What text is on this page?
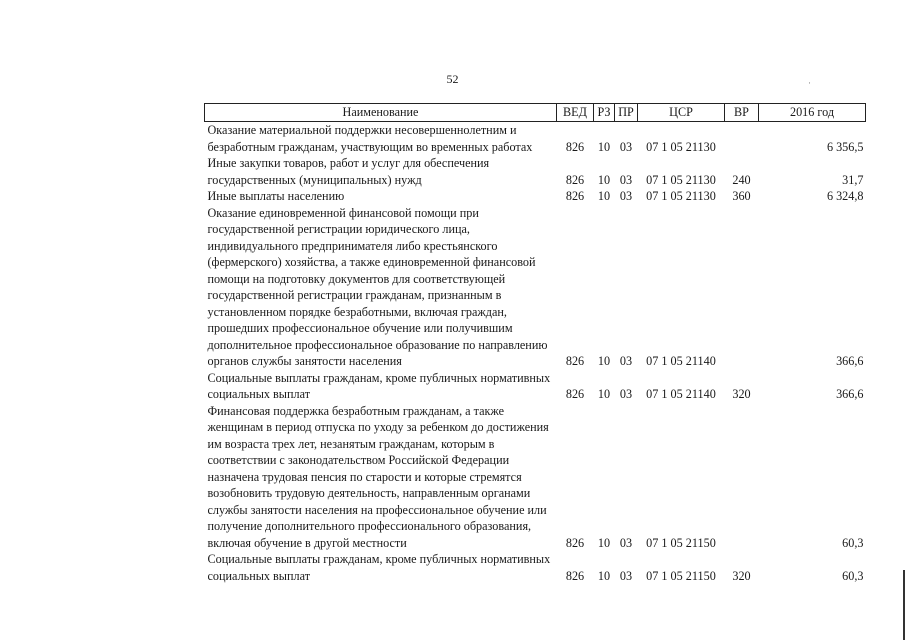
52	·
Наименование	ВЕД	РЗ	ПР	ЦСР	ВР	2016 год
Оказание материальной поддержки несовершеннолетним и безработным гражданам, участвующим во временных работах	826	10	03	07 1 05 21130		6 356,5
Иные закупки товаров, работ и услуг для обеспечения государственных (муниципальных) нужд	826	10	03	07 1 05 21130	240	31,7
Иные выплаты населению	826	10	03	07 1 05 21130	360	6 324,8
Оказание единовременной финансовой помощи при государственной регистрации юридического лица, индивидуального предпринимателя либо крестьянского (фермерского) хозяйства, а также единовременной финансовой помощи на подготовку документов для соответствующей государственной регистрации гражданам, признанным в установленном порядке безработными, включая граждан, прошедших профессиональное обучение или получившим дополнительное профессиональное образование по направлению органов службы занятости населения	826	10	03	07 1 05 21140		366,6
Социальные выплаты гражданам, кроме публичных нормативных социальных выплат	826	10	03	07 1 05 21140	320	366,6
Финансовая поддержка безработным гражданам, а также женщинам в период отпуска по уходу за ребенком до достижения им возраста трех лет, незанятым гражданам, которым в соответствии с законодательством Российской Федерации назначена трудовая пенсия по старости и которые стремятся возобновить трудовую деятельность, направленным органами службы занятости населения на профессиональное обучение или получение дополнительного профессионального образования, включая обучение в другой местности	826	10	03	07 1 05 21150		60,3
Социальные выплаты гражданам, кроме публичных нормативных социальных выплат	826	10	03	07 1 05 21150	320	60,3
